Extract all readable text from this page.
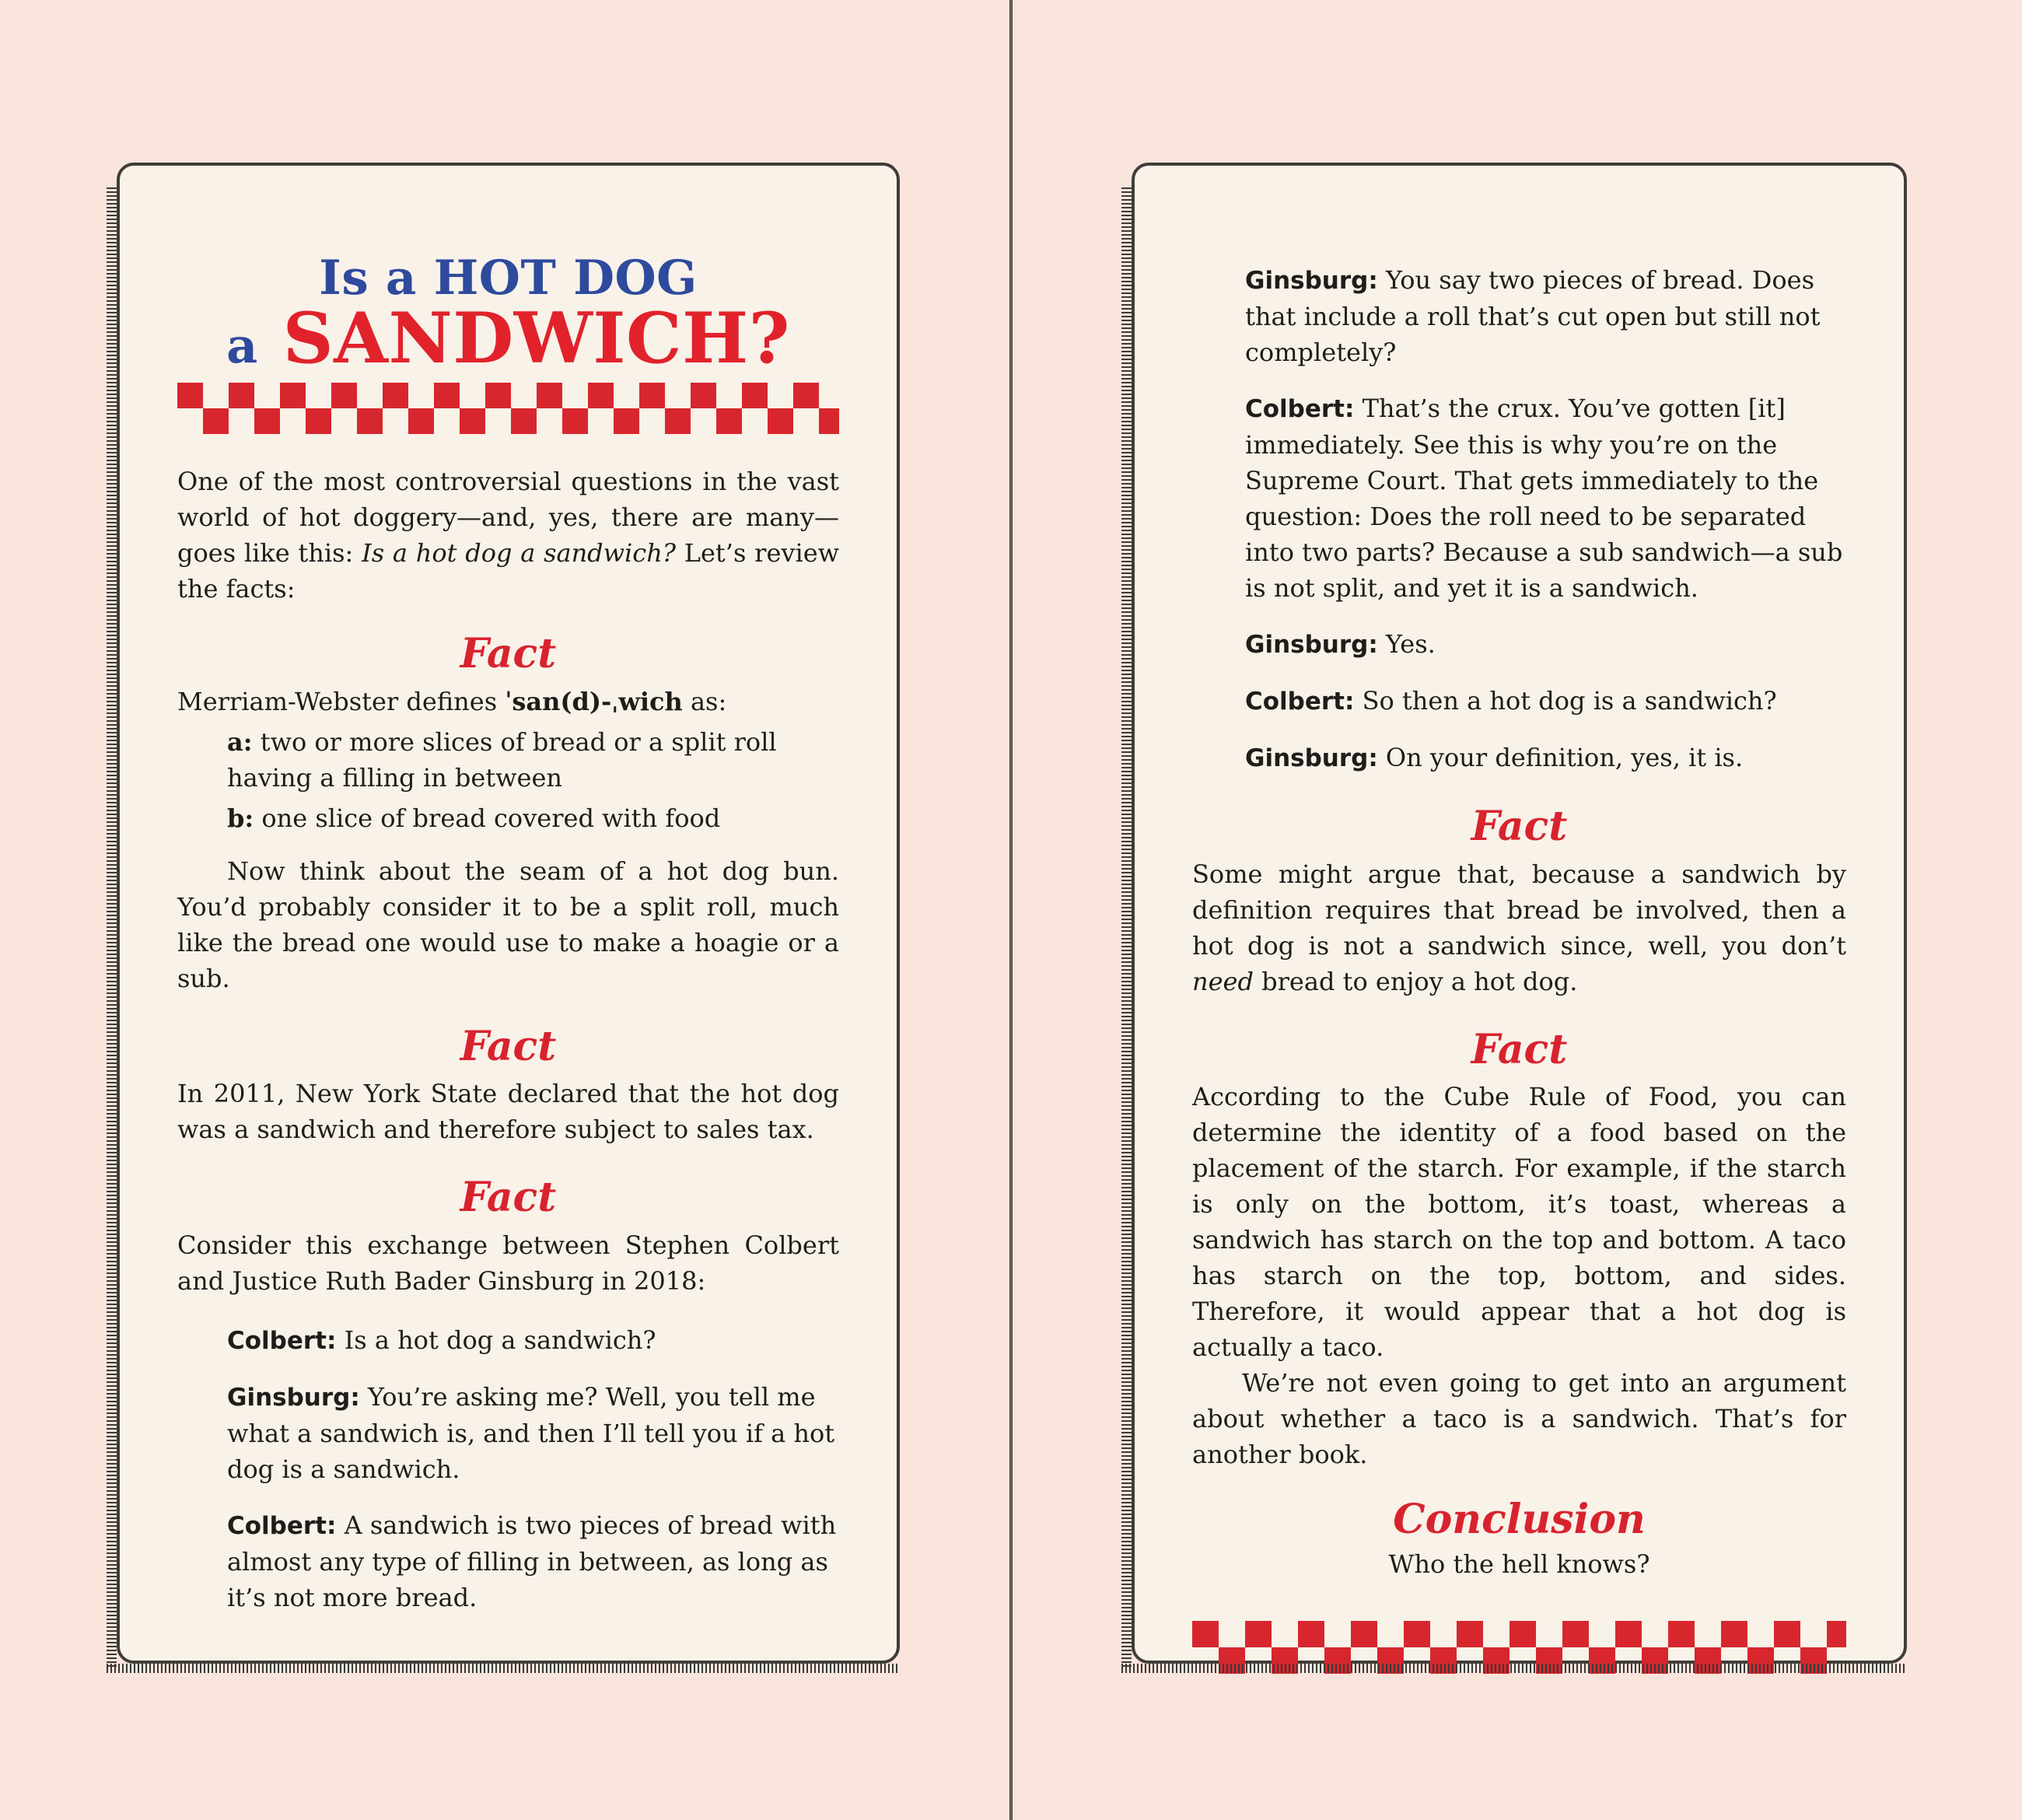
Is a HOT DOG
a SANDWICH?

One of the most controversial questions in the vast world of hot doggery—and, yes, there are many—goes like this: Is a hot dog a sandwich? Let’s review the facts:

Fact

Merriam-Webster defines ˈsan(d)-ˌwich as:

a: two or more slices of bread or a split roll having a filling in between

b: one slice of bread covered with food

Now think about the seam of a hot dog bun. You’d probably consider it to be a split roll, much like the bread one would use to make a hoagie or a sub.

Fact

In 2011, New York State declared that the hot dog was a sandwich and therefore subject to sales tax.

Fact

Consider this exchange between Stephen Colbert and Justice Ruth Bader Ginsburg in 2018:

Colbert: Is a hot dog a sandwich?

Ginsburg: You’re asking me? Well, you tell me what a sandwich is, and then I’ll tell you if a hot dog is a sandwich.

Colbert: A sandwich is two pieces of bread with almost any type of filling in between, as long as it’s not more bread.

Ginsburg: You say two pieces of bread. Does that include a roll that’s cut open but still not completely?

Colbert: That’s the crux. You’ve gotten [it] immediately. See this is why you’re on the Supreme Court. That gets immediately to the question: Does the roll need to be separated into two parts? Because a sub sandwich—a sub is not split, and yet it is a sandwich.

Ginsburg: Yes.

Colbert: So then a hot dog is a sandwich?

Ginsburg: On your definition, yes, it is.

Fact

Some might argue that, because a sandwich by definition requires that bread be involved, then a hot dog is not a sandwich since, well, you don’t need bread to enjoy a hot dog.

Fact

According to the Cube Rule of Food, you can determine the identity of a food based on the placement of the starch. For example, if the starch is only on the bottom, it’s toast, whereas a sandwich has starch on the top and bottom. A taco has starch on the top, bottom, and sides. Therefore, it would appear that a hot dog is actually a taco.

We’re not even going to get into an argument about whether a taco is a sandwich. That’s for another book.

Conclusion

Who the hell knows?
